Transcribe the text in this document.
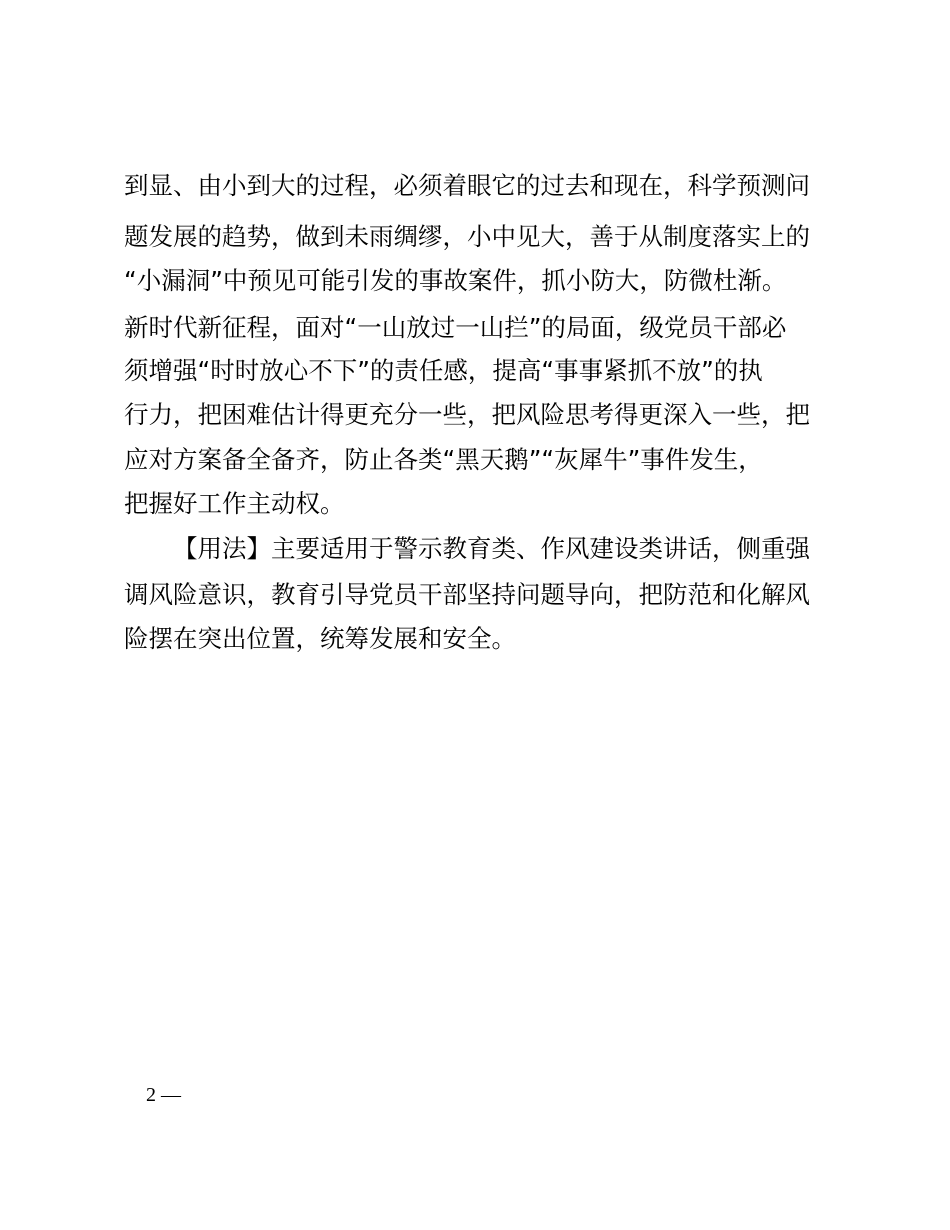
到显、由小到大的过程，必须着眼它的过去和现在，科学预测问
题发展的趋势，做到未雨绸缪，小中见大，善于从制度落实上的
“小漏洞”中预见可能引发的事故案件，抓小防大，防微杜渐。
新时代新征程，面对“一山放过一山拦”的局面，级党员干部必
须增强“时时放心不下”的责任感，提高“事事紧抓不放”的执
行力，把困难估计得更充分一些，把风险思考得更深入一些，把
应对方案备全备齐，防止各类“黑天鹅”“灰犀牛”事件发生，
把握好工作主动权。
【用法】主要适用于警示教育类、作风建设类讲话，侧重强
调风险意识，教育引导党员干部坚持问题导向，把防范和化解风
险摆在突出位置，统筹发展和安全。
2 —
